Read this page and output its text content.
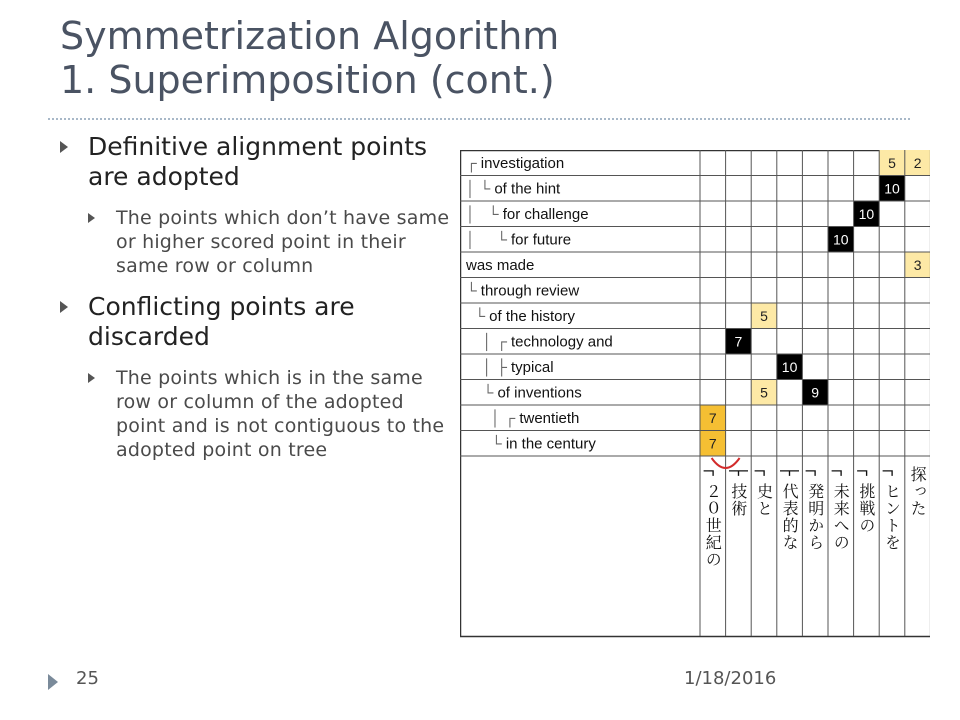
Symmetrization Algorithm
1. Superimposition (cont.)
Definitive alignment points are adopted
The points which don’t have same or higher scored point in their same row or column
Conflicting points are discarded
The points which is in the same row or column of the adopted point and is not contiguous to the adopted point on tree
┌ investigation
│ └ of the hint
│   └ for challenge
│     └ for future
was made
└ through review
└ of the history
│ ┌ technology and
│ ├ typical
└ of inventions
│ ┌ twentieth
└ in the century
┌ ２０世紀の ├ 技術 ┌ 史と ├ 代表的な ┌ 発明から ┌ 未来への ┌ 挑戦の ┌ ヒントを 探った
5 2
10
10
10
3
5
7
10
5	9
7
7
25	1/18/2016
